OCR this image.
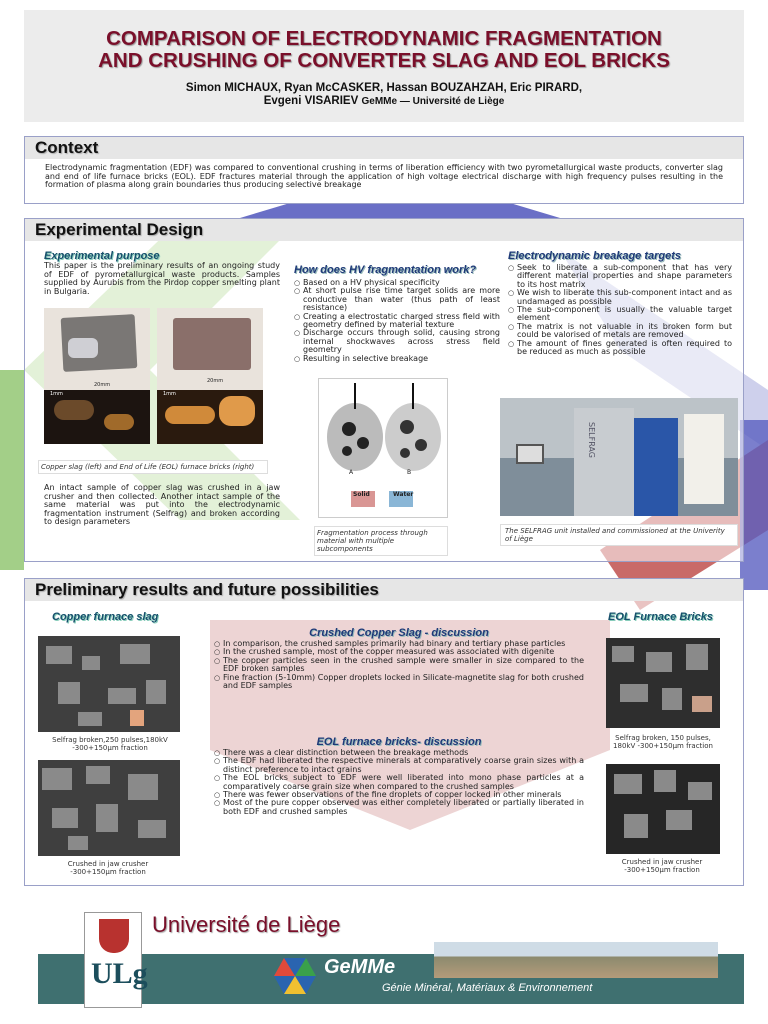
COMPARISON OF ELECTRODYNAMIC FRAGMENTATION
AND CRUSHING OF CONVERTER SLAG AND EOL BRICKS
Simon MICHAUX, Ryan McCASKER, Hassan BOUZAHZAH, Eric PIRARD,
Evgeni VISARIEV GeMMe — Université de Liège
Context
Electrodynamic fragmentation (EDF) was compared to conventional crushing in terms of liberation efficiency with two pyrometallurgical waste products, converter slag and end of life furnace bricks (EOL). EDF fractures material through the application of high voltage electrical discharge with high frequency pulses resulting in the formation of plasma along grain boundaries thus producing selective breakage
Experimental Design
Experimental purpose
This paper is the preliminary results of an ongoing study of EDF of pyrometallurgical waste products. Samples supplied by Aurubis from the Pirdop copper smelting plant in Bulgaria.
20mm
20mm
1mm	1mm
Copper slag (left) and End of Life (EOL) furnace bricks (right)
An intact sample of copper slag was crushed in a jaw crusher and then collected. Another intact sample of the same material was put into the electrodynamic fragmentation instrument (Selfrag) and broken according to design parameters
How does HV fragmentation work?
○ Based on a HV physical specificity
○ At short pulse rise time target solids are more conductive than water (thus path of least resistance)
○ Creating a electrostatic charged stress field with geometry defined by material texture
○ Discharge occurs through solid, causing strong internal shockwaves across stress field geometry
○ Resulting in selective breakage
A	B
Solid	Water
Fragmentation process through material with multiple subcomponents
Electrodynamic breakage targets
○ Seek to liberate a sub-component that has very different material properties and shape parameters to its host matrix
○ We wish to liberate this sub-component intact and as undamaged as possible
○ The sub-component is usually the valuable target element
○ The matrix is not valuable in its broken form but could be valorised of metals are removed
○ The amount of fines generated is often required to be reduced as much as possible
SELFRAG
The SELFRAG unit installed and commissioned at the Univerity of Liège
Preliminary results and future possibilities
Copper furnace slag
Selfrag broken,250 pulses,180kV -300+150µm fraction
Crushed in jaw crusher -300+150µm fraction
Crushed Copper Slag - discussion
○ In comparison, the crushed samples primarily had binary and tertiary phase particles
○ In the crushed sample, most of the copper measured was associated with digenite
○ The copper particles seen in the crushed sample were smaller in size compared to the EDF broken samples
○ Fine fraction (5-10mm) Copper droplets locked in Silicate-magnetite slag for both crushed and EDF samples
EOL furnace bricks- discussion
○ There was a clear distinction between the breakage methods
○ The EDF had liberated the respective minerals at comparatively coarse grain sizes with a distinct preference to intact grains
○ The EOL bricks subject to EDF were well liberated into mono phase particles at a comparatively coarse grain size when compared to the crushed samples
○ There was fewer observations of the fine droplets of copper locked in other minerals
○ Most of the pure copper observed was either completely liberated or partially liberated in both EDF and crushed samples
EOL Furnace Bricks
Selfrag broken, 150 pulses, 180kV -300+150µm fraction
Crushed in jaw crusher -300+150µm fraction
ULg
Université de Liège
GeMMe
Génie Minéral, Matériaux & Environnement
